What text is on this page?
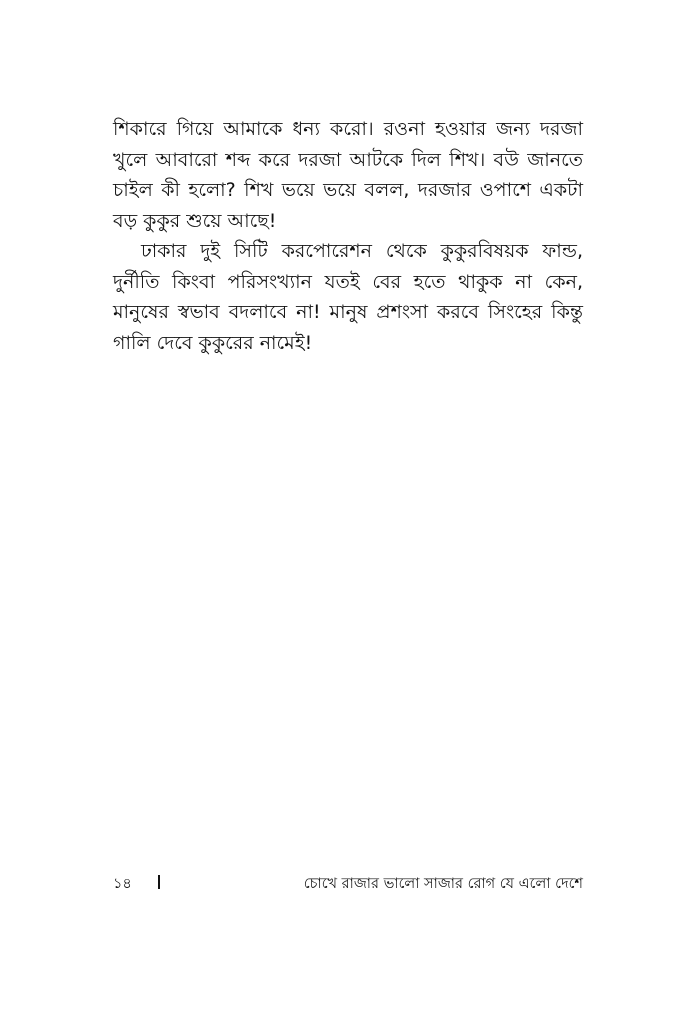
শিকারে গিয়ে আমাকে ধন্য করো। রওনা হওয়ার জন্য দরজা খুলে আবারো শব্দ করে দরজা আটকে দিল শিখ। বউ জানতে চাইল কী হলো? শিখ ভয়ে ভয়ে বলল, দরজার ওপাশে একটা বড় কুকুর শুয়ে আছে!

ঢাকার দুই সিটি করপোরেশন থেকে কুকুরবিষয়ক ফান্ড, দুর্নীতি কিংবা পরিসংখ্যান যতই বের হতে থাকুক না কেন, মানুষের স্বভাব বদলাবে না! মানুষ প্রশংসা করবে সিংহের কিন্তু গালি দেবে কুকুরের নামেই!

১৪	চোখে রাজার ভালো সাজার রোগ যে এলো দেশে
